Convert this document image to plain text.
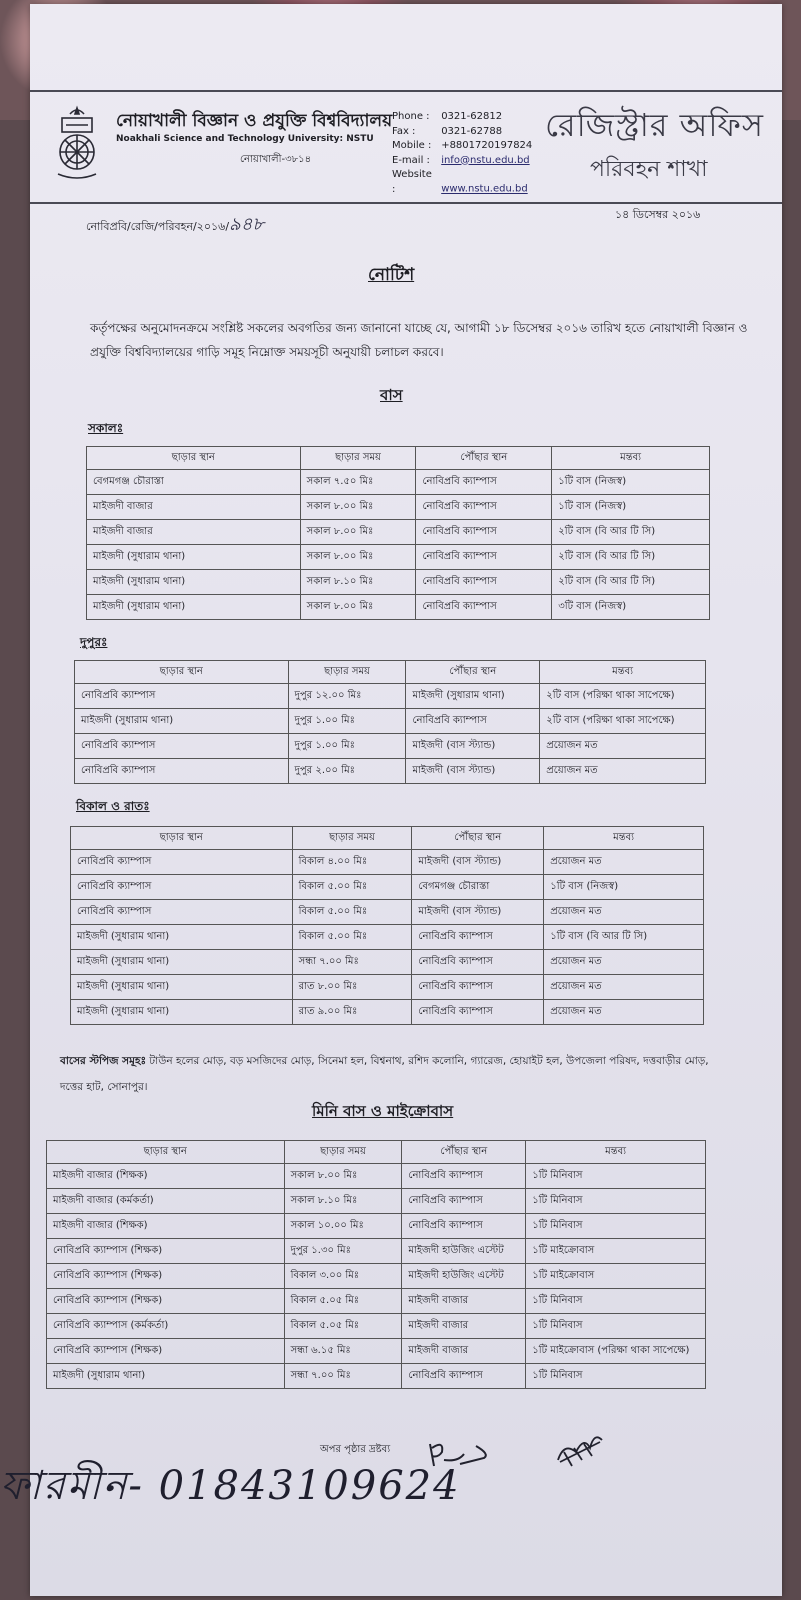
নোয়াখালী বিজ্ঞান ও প্রযুক্তি বিশ্ববিদ্যালয়
Noakhali Science and Technology University: NSTU
নোয়াখালী-৩৮১৪
Phone : 0321-62812
Fax :	0321-62788
Mobile : +8801720197824
E-mail : info@nstu.edu.bd
Website :	www.nstu.edu.bd
রেজিস্ট্রার অফিস
পরিবহন শাখা
নোবিপ্রবি/রেজি/পরিবহন/২০১৬/৯৪৮	১৪ ডিসেম্বর ২০১৬
নোটিশ
কর্তৃপক্ষের অনুমোদনক্রমে সংশ্লিষ্ট সকলের অবগতির জন্য জানানো যাচ্ছে যে, আগামী ১৮ ডিসেম্বর ২০১৬ তারিখ হতে নোয়াখালী বিজ্ঞান ও প্রযুক্তি বিশ্ববিদ্যালয়ের গাড়ি সমূহ নিম্নোক্ত সময়সূচী অনুযায়ী চলাচল করবে।
বাস
সকালঃ
ছাড়ার স্থান	ছাড়ার সময়	পৌঁছার স্থান	মন্তব্য
বেগমগঞ্জ চৌরাস্তা	সকাল ৭.৫০ মিঃ	নোবিপ্রবি ক্যাম্পাস	১টি বাস (নিজস্ব)
মাইজদী বাজার	সকাল ৮.০০ মিঃ	নোবিপ্রবি ক্যাম্পাস	১টি বাস (নিজস্ব)
মাইজদী বাজার	সকাল ৮.০০ মিঃ	নোবিপ্রবি ক্যাম্পাস	২টি বাস (বি আর টি সি)
মাইজদী (সুধারাম থানা)	সকাল ৮.০০ মিঃ	নোবিপ্রবি ক্যাম্পাস	২টি বাস (বি আর টি সি)
মাইজদী (সুধারাম থানা)	সকাল ৮.১০ মিঃ	নোবিপ্রবি ক্যাম্পাস	২টি বাস (বি আর টি সি)
মাইজদী (সুধারাম থানা)	সকাল ৮.০০ মিঃ	নোবিপ্রবি ক্যাম্পাস	৩টি বাস (নিজস্ব)
দুপুরঃ
ছাড়ার স্থান	ছাড়ার সময়	পৌঁছার স্থান	মন্তব্য
নোবিপ্রবি ক্যাম্পাস	দুপুর ১২.০০ মিঃ	মাইজদী (সুধারাম থানা)	২টি বাস (পরিক্ষা থাকা সাপেক্ষে)
মাইজদী (সুধারাম থানা)	দুপুর ১.০০ মিঃ	নোবিপ্রবি ক্যাম্পাস	২টি বাস (পরিক্ষা থাকা সাপেক্ষে)
নোবিপ্রবি ক্যাম্পাস	দুপুর ১.০০ মিঃ	মাইজদী (বাস স্ট্যান্ড)	প্রয়োজন মত
নোবিপ্রবি ক্যাম্পাস	দুপুর ২.০০ মিঃ	মাইজদী (বাস স্ট্যান্ড)	প্রয়োজন মত
বিকাল ও রাতঃ
ছাড়ার স্থান	ছাড়ার সময়	পৌঁছার স্থান	মন্তব্য
নোবিপ্রবি ক্যাম্পাস	বিকাল ৪.০০ মিঃ	মাইজদী (বাস স্ট্যান্ড)	প্রয়োজন মত
নোবিপ্রবি ক্যাম্পাস	বিকাল ৫.০০ মিঃ	বেগমগঞ্জ চৌরাস্তা	১টি বাস (নিজস্ব)
নোবিপ্রবি ক্যাম্পাস	বিকাল ৫.০০ মিঃ	মাইজদী (বাস স্ট্যান্ড)	প্রয়োজন মত
মাইজদী (সুধারাম থানা)	বিকাল ৫.০০ মিঃ	নোবিপ্রবি ক্যাম্পাস	১টি বাস (বি আর টি সি)
মাইজদী (সুধারাম থানা)	সন্ধা ৭.০০ মিঃ	নোবিপ্রবি ক্যাম্পাস	প্রয়োজন মত
মাইজদী (সুধারাম থানা)	রাত ৮.০০ মিঃ	নোবিপ্রবি ক্যাম্পাস	প্রয়োজন মত
মাইজদী (সুধারাম থানা)	রাত ৯.০০ মিঃ	নোবিপ্রবি ক্যাম্পাস	প্রয়োজন মত
বাসের স্টপিজ সমূহঃ টাউন হলের মোড়, বড় মসজিদের মোড়, সিনেমা হল, বিশ্বনাথ, রশিদ কলোনি, গ্যারেজ, হোয়াইট হল, উপজেলা পরিষদ, দত্তবাড়ীর মোড়, দত্তের হাট, সোনাপুর।
মিনি বাস ও মাইক্রোবাস
ছাড়ার স্থান	ছাড়ার সময়	পৌঁছার স্থান	মন্তব্য
মাইজদী বাজার (শিক্ষক)	সকাল ৮.০০ মিঃ	নোবিপ্রবি ক্যাম্পাস	১টি মিনিবাস
মাইজদী বাজার (কর্মকর্তা)	সকাল ৮.১০ মিঃ	নোবিপ্রবি ক্যাম্পাস	১টি মিনিবাস
মাইজদী বাজার (শিক্ষক)	সকাল ১০.০০ মিঃ	নোবিপ্রবি ক্যাম্পাস	১টি মিনিবাস
নোবিপ্রবি ক্যাম্পাস (শিক্ষক)	দুপুর ১.৩০ মিঃ	মাইজদী হাউজিং এস্টেট	১টি মাইক্রোবাস
নোবিপ্রবি ক্যাম্পাস (শিক্ষক)	বিকাল ৩.০০ মিঃ	মাইজদী হাউজিং এস্টেট	১টি মাইক্রোবাস
নোবিপ্রবি ক্যাম্পাস (শিক্ষক)	বিকাল ৫.০৫ মিঃ	মাইজদী বাজার	১টি মিনিবাস
নোবিপ্রবি ক্যাম্পাস (কর্মকর্তা)	বিকাল ৫.০৫ মিঃ	মাইজদী বাজার	১টি মিনিবাস
নোবিপ্রবি ক্যাম্পাস (শিক্ষক)	সন্ধা ৬.১৫ মিঃ	মাইজদী বাজার	১টি মাইক্রোবাস (পরিক্ষা থাকা সাপেক্ষে)
মাইজদী (সুধারাম থানা)	সন্ধা ৭.০০ মিঃ	নোবিপ্রবি ক্যাম্পাস	১টি মিনিবাস
অপর পৃষ্ঠার দ্রষ্টব্য
ফারমীন- 01843109624
